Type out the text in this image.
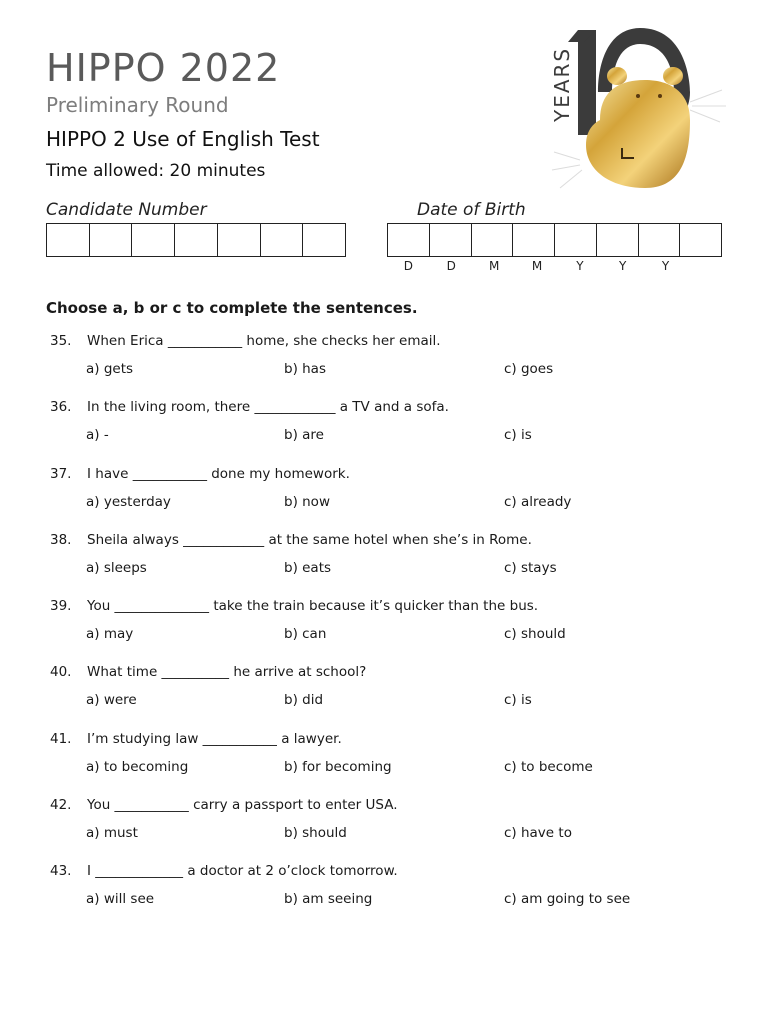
HIPPO 2022
Preliminary Round
HIPPO 2 Use of English Test
Time allowed: 20 minutes
YEARS
Candidate Number	Date of Birth
D	D	M	M	Y	Y	Y
Choose a, b or c to complete the sentences.
35. When Erica ___________ home, she checks her email.
a) gets	b) has	c) goes
36. In the living room, there ____________ a TV and a sofa.
a) -	b) are	c) is
37. I have ___________ done my homework.
a) yesterday	b) now	c) already
38. Sheila always ____________ at the same hotel when she’s in Rome.
a) sleeps	b) eats	c) stays
39. You ______________ take the train because it’s quicker than the bus.
a) may	b) can	c) should
40. What time __________ he arrive at school?
a) were	b) did	c) is
41. I’m studying law ___________ a lawyer.
a) to becoming	b) for becoming	c) to become
42. You ___________ carry a passport to enter USA.
a) must	b) should	c) have to
43. I _____________ a doctor at 2 o’clock tomorrow.
a) will see	b) am seeing	c) am going to see
